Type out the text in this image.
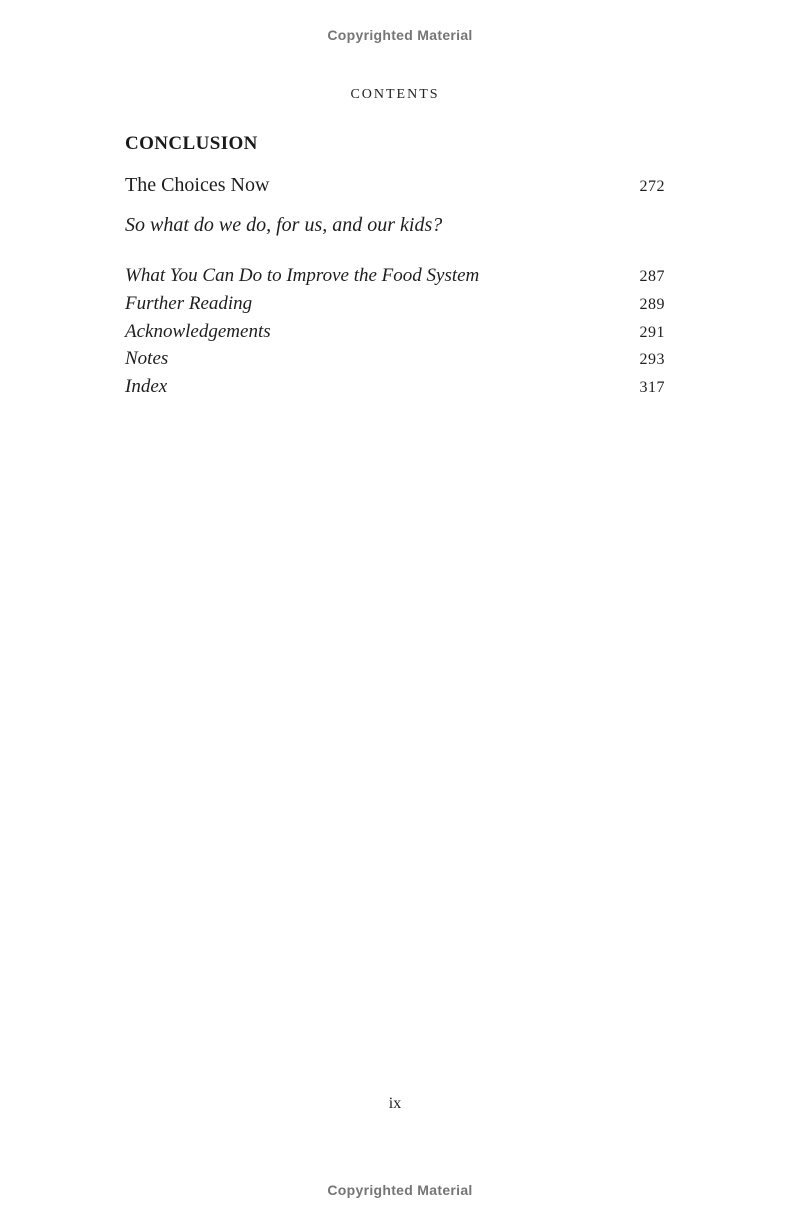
Copyrighted Material
CONTENTS
CONCLUSION
The Choices Now	272
So what do we do, for us, and our kids?
What You Can Do to Improve the Food System	287
Further Reading	289
Acknowledgements	291
Notes	293
Index	317
ix
Copyrighted Material
